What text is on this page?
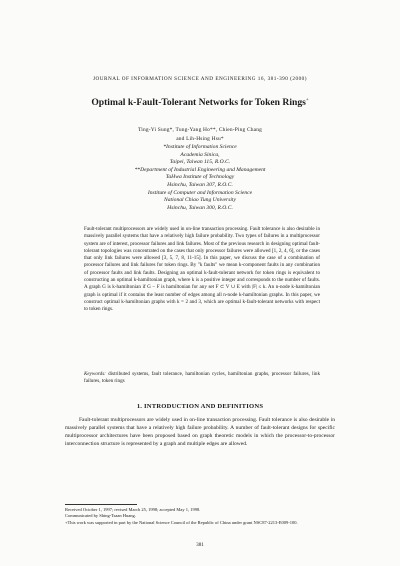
JOURNAL OF INFORMATION SCIENCE AND ENGINEERING 16, 381-390 (2000)
Optimal k-Fault-Tolerant Networks for Token Rings+
Ting-Yi Sung*, Tung-Yang Ho**, Chien-Ping Chang
and Lih-Hsing Hsu*
*Institute of Information Science
Academia Sinica,
Taipei, Taiwan 115, R.O.C.
**Department of Industrial Engineering and Management
TaHwa Institute of Technology
Hsinchu, Taiwan 307, R.O.C.
Institute of Computer and Information Science
National Chiao Tung University
Hsinchu, Taiwan 300, R.O.C.
Fault-tolerant multiprocessors are widely used in on-line transaction processing. Fault tolerance is also desirable in massively parallel systems that have a relatively high failure probability. Two types of failures in a multiprocessor system are of interest, processor failures and link failures. Most of the previous research in designing optimal fault-tolerant topologies was concentrated on the cases that only processor failures were allowed [1, 2, 4, 6], or the cases that only link failures were allowed [3, 5, 7, 8, 11-15]. In this paper, we discuss the case of a combination of processor failures and link failures for token rings. By "k faults" we mean k-component faults in any combination of processor faults and link faults. Designing an optimal k-fault-tolerant network for token rings is equivalent to constructing an optimal k-hamiltonian graph, where k is a positive integer and corresponds to the number of faults. A graph G is k-hamiltonian if G − F is hamiltonian for any set F ⊂ V ∪ E with |F| ≤ k. An n-node k-hamiltonian graph is optimal if it contains the least number of edges among all n-node k-hamiltonian graphs. In this paper, we construct optimal k-hamiltonian graphs with k = 2 and 3, which are optimal k-fault-tolerant networks with respect to token rings.
Keywords: distributed systems, fault tolerance, hamiltonian cycles, hamiltonian graphs, processor failures, link failures, token rings
1. INTRODUCTION AND DEFINITIONS
Fault-tolerant multiprocessors are widely used in on-line transaction processing. Fault tolerance is also desirable in massively parallel systems that have a relatively high failure probability. A number of fault-tolerant designs for specific multiprocessor architectures have been proposed based on graph theoretic models in which the processor-to-processor interconnection structure is represented by a graph and multiple edges are allowed.
Received October 1, 1997; revised March 25, 1998; accepted May 1, 1998.
Communicated by Shing-Tsaan Huang.
+This work was supported in part by the National Science Council of the Republic of China under grant NSC87-2213-E009-100.
381
